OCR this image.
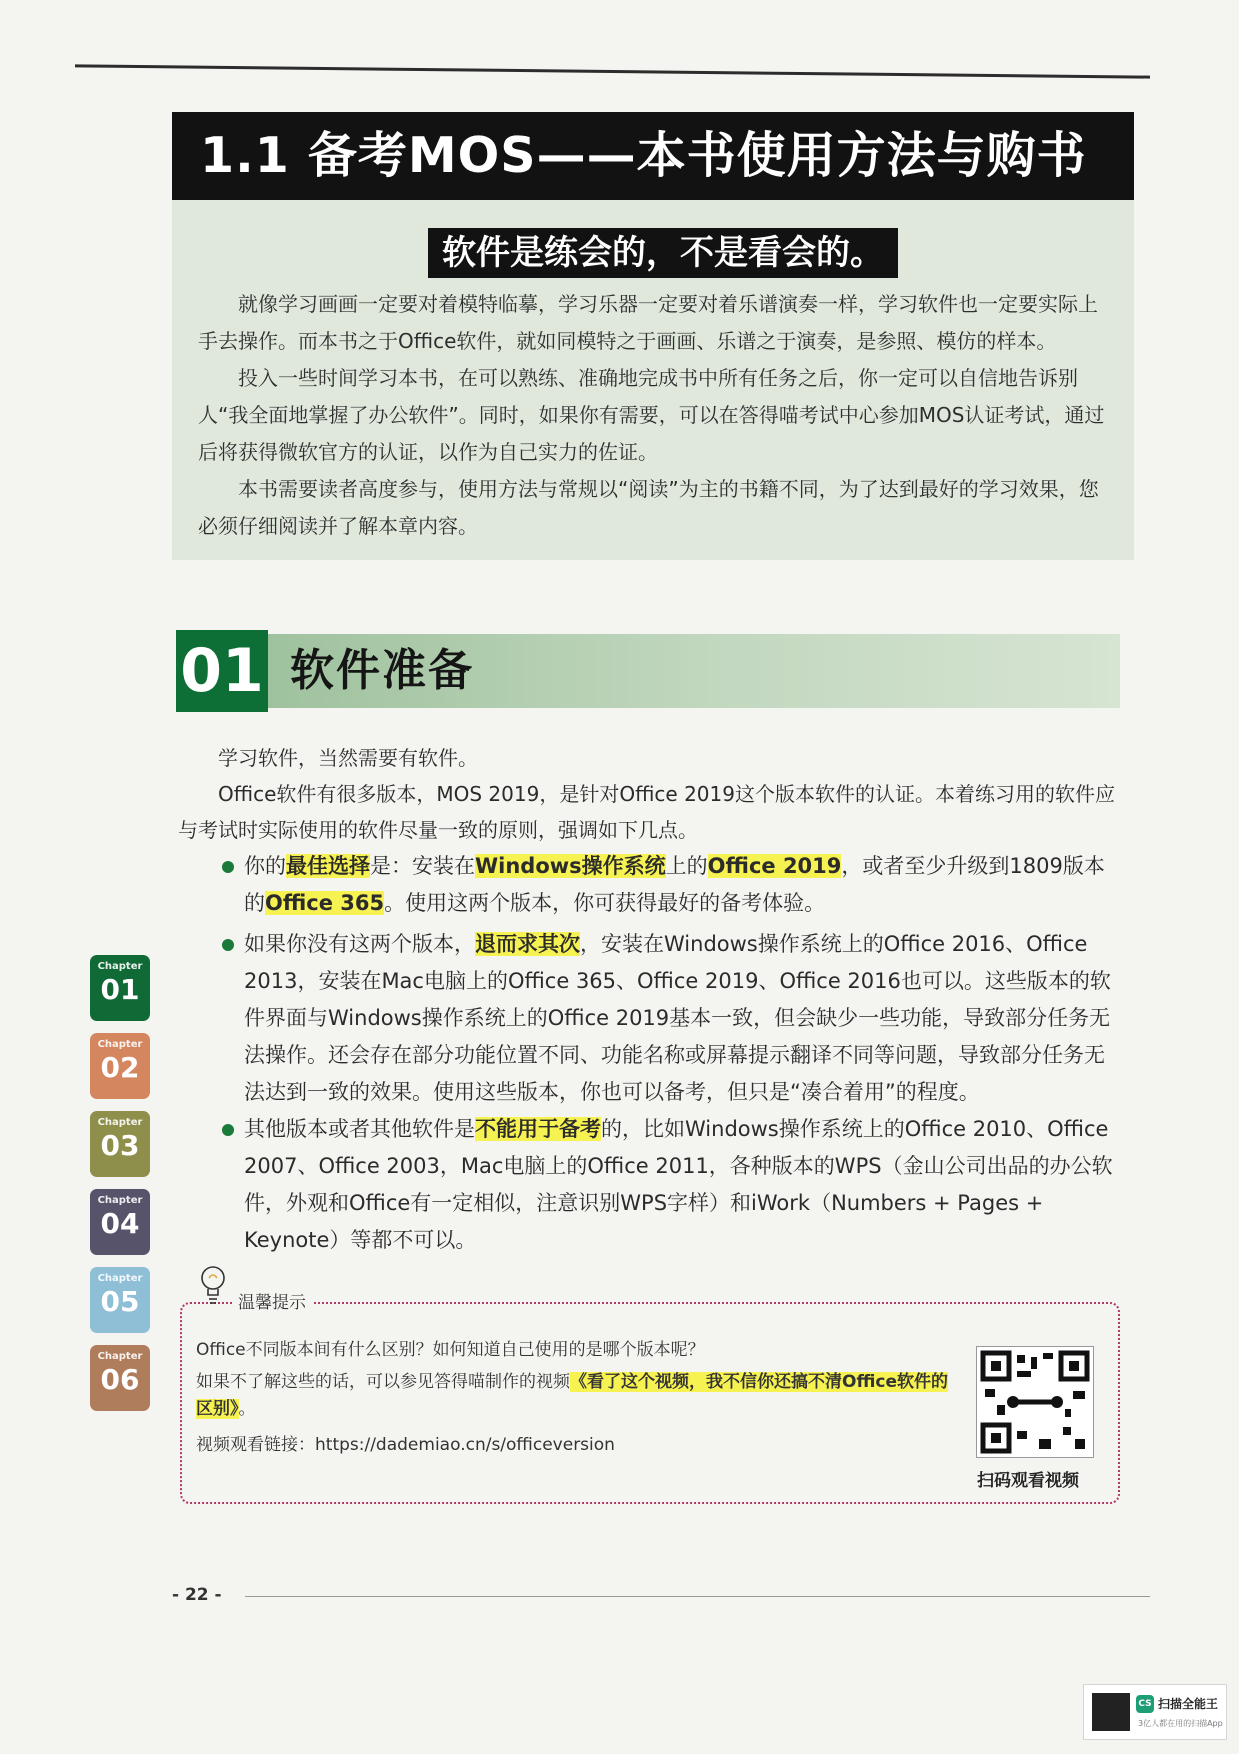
1.1 备考MOS——本书使用方法与购书
软件是练会的，不是看会的。

就像学习画画一定要对着模特临摹，学习乐器一定要对着乐谱演奏一样，学习软件也一定要实际上手去操作。而本书之于Office软件，就如同模特之于画画、乐谱之于演奏，是参照、模仿的样本。

投入一些时间学习本书，在可以熟练、准确地完成书中所有任务之后，你一定可以自信地告诉别人“我全面地掌握了办公软件”。同时，如果你有需要，可以在答得喵考试中心参加MOS认证考试，通过后将获得微软官方的认证，以作为自己实力的佐证。

本书需要读者高度参与，使用方法与常规以“阅读”为主的书籍不同，为了达到最好的学习效果，您必须仔细阅读并了解本章内容。

01 软件准备

学习软件，当然需要有软件。

Office软件有很多版本，MOS 2019，是针对Office 2019这个版本软件的认证。本着练习用的软件应与考试时实际使用的软件尽量一致的原则，强调如下几点。

你的最佳选择是：安装在Windows操作系统上的Office 2019，或者至少升级到1809版本的Office 365。使用这两个版本，你可获得最好的备考体验。

如果你没有这两个版本，退而求其次，安装在Windows操作系统上的Office 2016、Office 2013，安装在Mac电脑上的Office 365、Office 2019、Office 2016也可以。这些版本的软件界面与Windows操作系统上的Office 2019基本一致，但会缺少一些功能，导致部分任务无法操作。还会存在部分功能位置不同、功能名称或屏幕提示翻译不同等问题，导致部分任务无法达到一致的效果。使用这些版本，你也可以备考，但只是“凑合着用”的程度。

其他版本或者其他软件是不能用于备考的，比如Windows操作系统上的Office 2010、Office 2007、Office 2003，Mac电脑上的Office 2011，各种版本的WPS（金山公司出品的办公软件，外观和Office有一定相似，注意识别WPS字样）和iWork（Numbers + Pages + Keynote）等都不可以。

Chapter
01
Chapter
02
Chapter
03
Chapter
04
Chapter
05
Chapter
06
温馨提示

Office不同版本间有什么区别？如何知道自己使用的是哪个版本呢？

如果不了解这些的话，可以参见答得喵制作的视频《看了这个视频，我不信你还搞不清Office软件的区别》。

视频观看链接：https://dademiao.cn/s/officeversion

扫码观看视频
- 22 -
CS 扫描全能王
3亿人都在用的扫描App
